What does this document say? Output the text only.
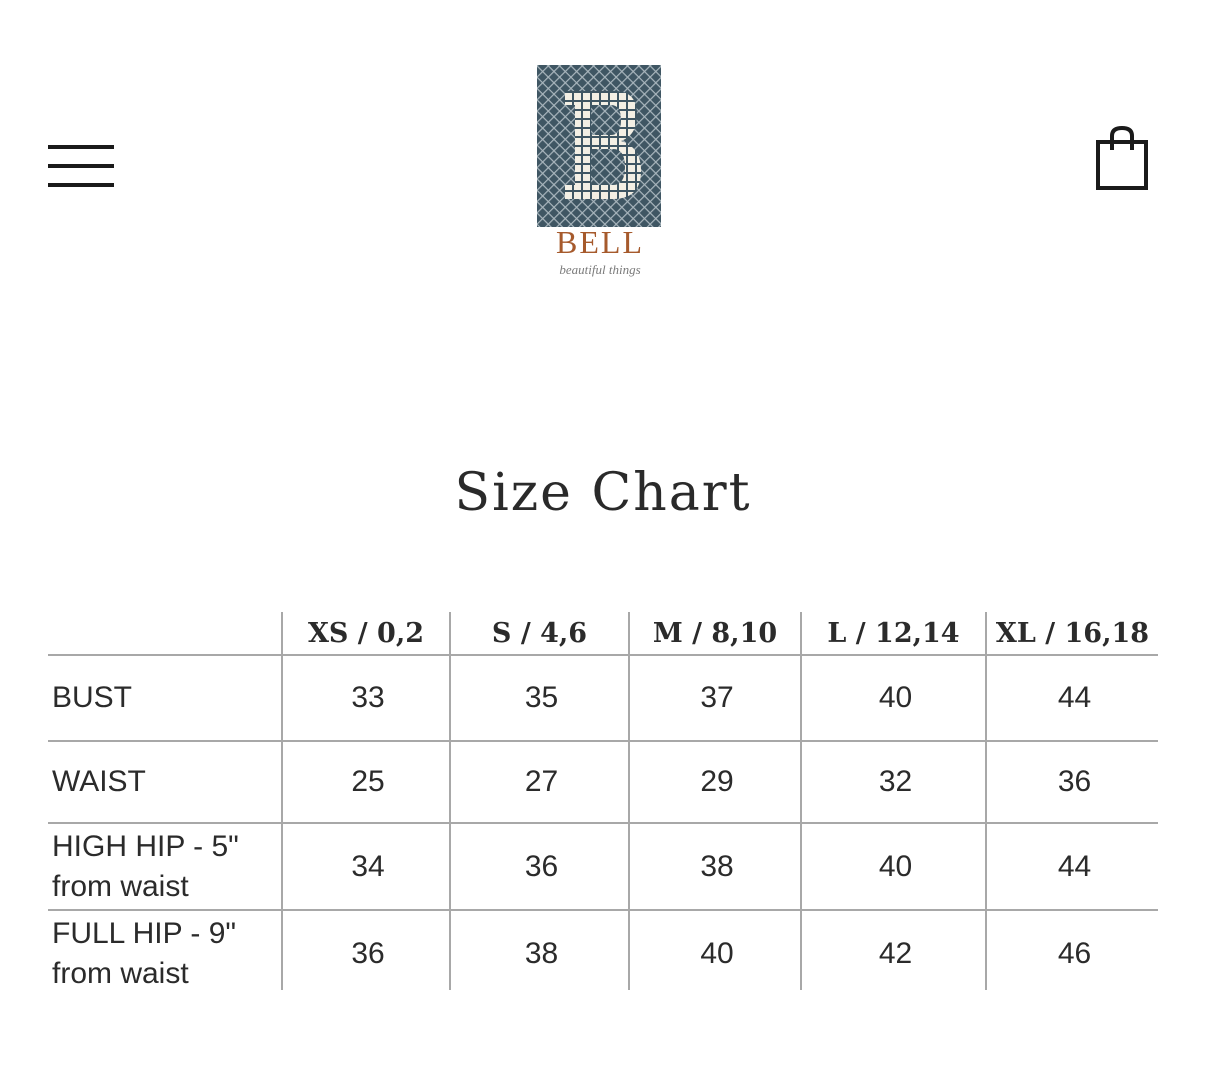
BELL
beautiful things
Size Chart
	XS / 0,2	S / 4,6	M / 8,10	L / 12,14	XL / 16,18
BUST	33	35	37	40	44
WAIST	25	27	29	32	36
HIGH HIP - 5"
from waist	34	36	38	40	44
FULL HIP - 9"
from waist	36	38	40	42	46
